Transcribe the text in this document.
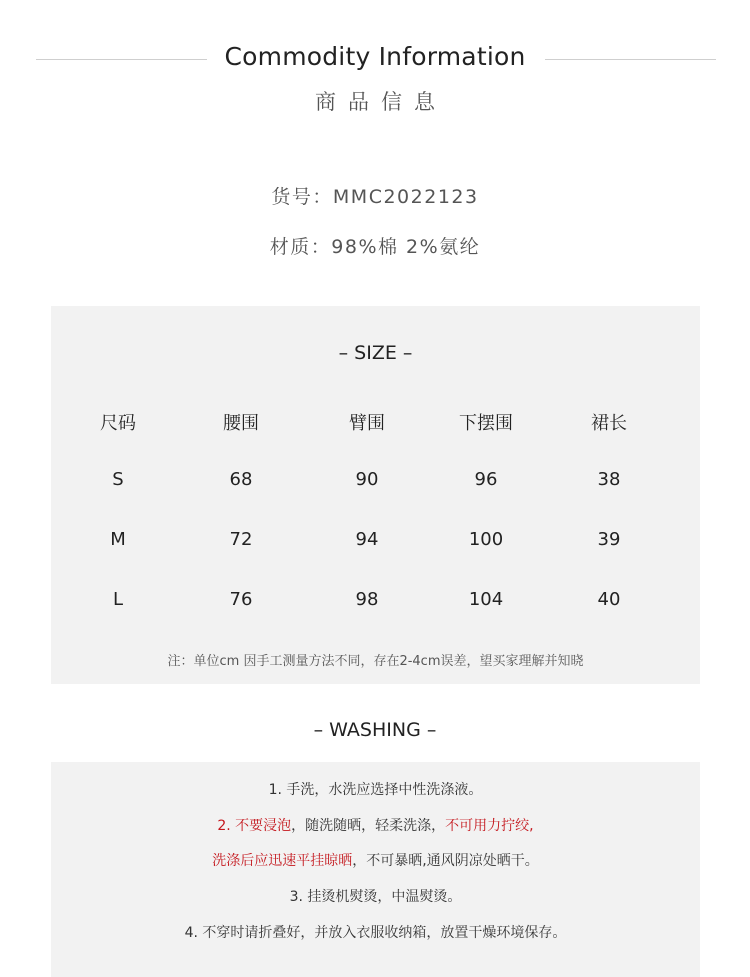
Commodity Information
商品信息
货号：MMC2022123
材质：98%棉 2%氨纶
– SIZE –
尺码	腰围	臂围	下摆围	裙长
S	68	90	96	38
M	72	94	100	39
L	76	98	104	40
注：单位cm 因手工测量方法不同，存在2-4cm误差，望买家理解并知晓
– WASHING –
1. 手洗，水洗应选择中性洗涤液。
2. 不要浸泡，随洗随晒，轻柔洗涤，不可用力拧绞,
洗涤后应迅速平挂晾晒，不可暴晒,通风阴凉处晒干。
3. 挂烫机熨烫，中温熨烫。
4. 不穿时请折叠好，并放入衣服收纳箱，放置干燥环境保存。
